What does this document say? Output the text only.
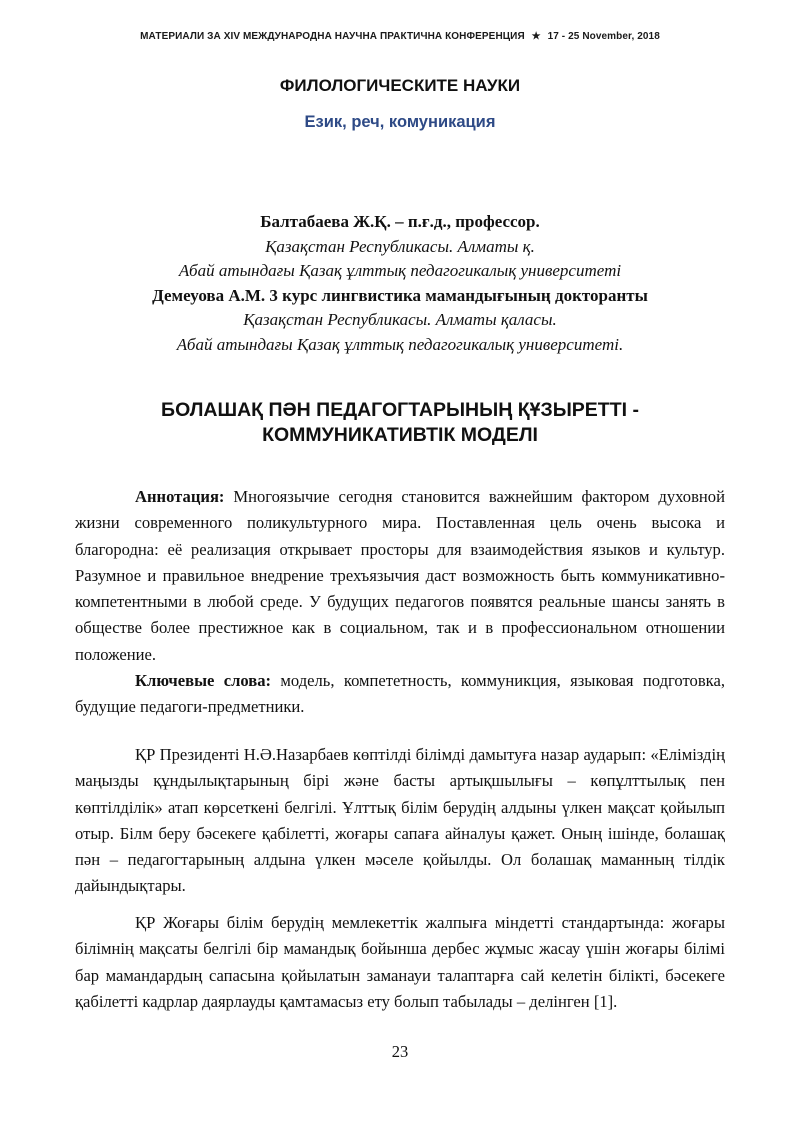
МАТЕРИАЛИ ЗА XIV МЕЖДУНАРОДНА НАУЧНА ПРАКТИЧНА КОНФЕРЕНЦИЯ ★ 17 - 25 November, 2018
ФИЛОЛОГИЧЕСКИТЕ НАУКИ
Език, реч, комуникация
Балтабаева Ж.Қ. – п.ғ.д., профессор.
Қазақстан Республикасы. Алматы қ.
Абай атындағы Қазақ ұлттық педагогикалық университеті
Демеуова А.М. 3 курс лингвистика мамандығының докторанты
Қазақстан Республикасы. Алматы қаласы.
Абай атындағы Қазақ ұлттық педагогикалық университеті.
БОЛАШАҚ ПӘН ПЕДАГОГТАРЫНЫҢ ҚҰЗЫРЕТТІ -
КОММУНИКАТИВТІК МОДЕЛІ

Аннотация: Многоязычие сегодня становится важнейшим фактором духовной жизни современного поликультурного мира. Поставленная цель очень высока и благородна: её реализация открывает просторы для взаимодействия языков и культур. Разумное и правильное внедрение трехъязычия даст возможность быть коммуникативно-компетентными в любой среде. У будущих педагогов появятся реальные шансы занять в обществе более престижное как в социальном, так и в профессиональном отношении положение.

Ключевые слова: модель, компететность, коммуникция, языковая подготовка, будущие педагоги-предметники.

ҚР Президенті Н.Ә.Назарбаев көптілді білімді дамытуға назар аударып: «Еліміздің маңызды құндылықтарының бірі және басты артықшылығы – көпұлттылық пен көптілділік» атап көрсеткені белгілі. Ұлттық білім берудің алдыны үлкен мақсат қойылып отыр. Білм беру бәсекеге қабілетті, жоғары сапаға айналуы қажет. Оның ішінде, болашақ пән – педагогтарының алдына үлкен мәселе қойылды. Ол болашақ маманның тілдік дайындықтары.

ҚР Жоғары білім берудің мемлекеттік жалпыға міндетті стандартында: жоғары білімнің мақсаты белгілі бір мамандық бойынша дербес жұмыс жасау үшін жоғары білімі бар мамандардың сапасына қойылатын заманауи талаптарға сай келетін білікті, бәсекеге қабілетті кадрлар даярлауды қамтамасыз ету болып табылады – делінген [1].

23
